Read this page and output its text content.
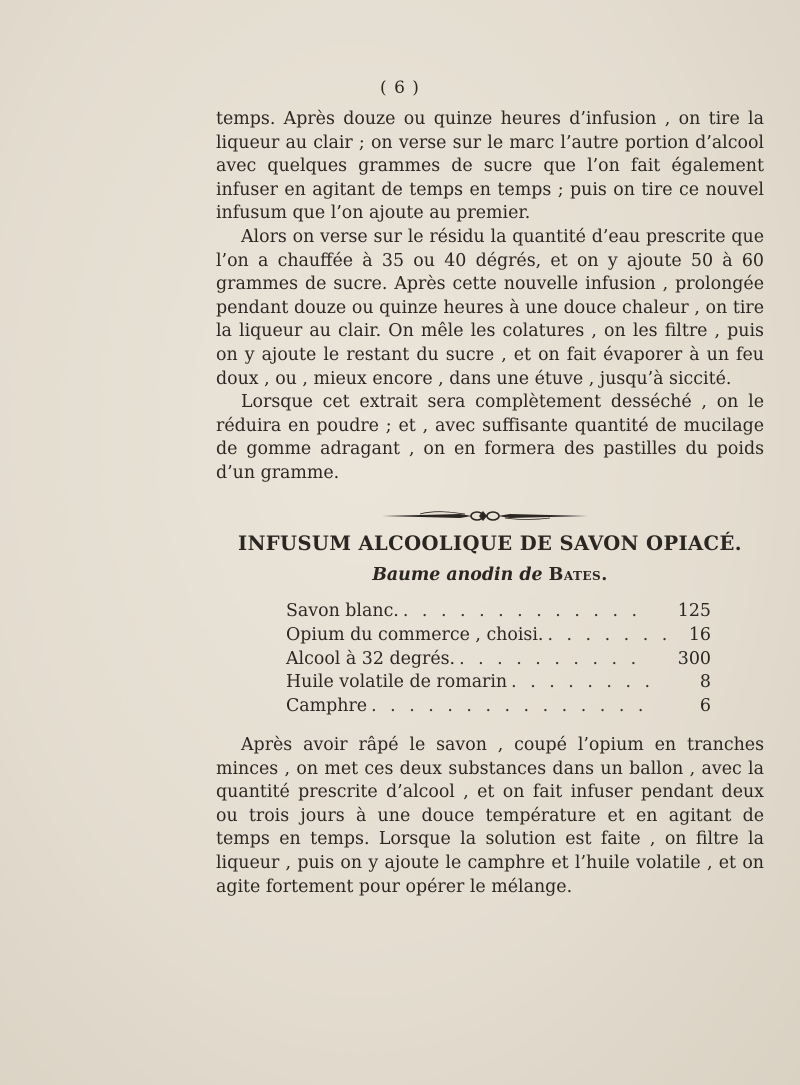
( 6 )

temps. Après douze ou quinze heures d’infusion , on tire la liqueur au clair ; on verse sur le marc l’autre portion d’alcool avec quelques grammes de sucre que l’on fait également infuser en agitant de temps en temps ; puis on tire ce nouvel infusum que l’on ajoute au premier.

Alors on verse sur le résidu la quantité d’eau prescrite que l’on a chauffée à 35 ou 40 dégrés, et on y ajoute 50 à 60 grammes de sucre. Après cette nouvelle infusion , prolongée pendant douze ou quinze heures à une douce chaleur , on tire la liqueur au clair. On mêle les colatures , on les filtre , puis on y ajoute le restant du sucre , et on fait évaporer à un feu doux , ou , mieux encore , dans une étuve , jusqu’à siccité.

Lorsque cet extrait sera complètement desséché , on le réduira en poudre ; et , avec suffisante quantité de mucilage de gomme adragant , on en formera des pastilles du poids d’un gramme.

INFUSUM ALCOOLIQUE DE SAVON OPIACÉ.
Baume anodin de Bates.
Savon blanc. . . . . . . . . . . . . .	125
Opium du commerce , choisi. . . . . . . .	16
Alcool à 32 degrés. . . . . . . . . . .	300
Huile volatile de romarin . . . . . . . .	8
Camphre . . . . . . . . . . . . . . .	6

Après avoir râpé le savon , coupé l’opium en tranches minces , on met ces deux substances dans un ballon , avec la quantité prescrite d’alcool , et on fait infuser pendant deux ou trois jours à une douce température et en agitant de temps en temps. Lorsque la solution est faite , on filtre la liqueur , puis on y ajoute le camphre et l’huile volatile , et on agite fortement pour opérer le mélange.
